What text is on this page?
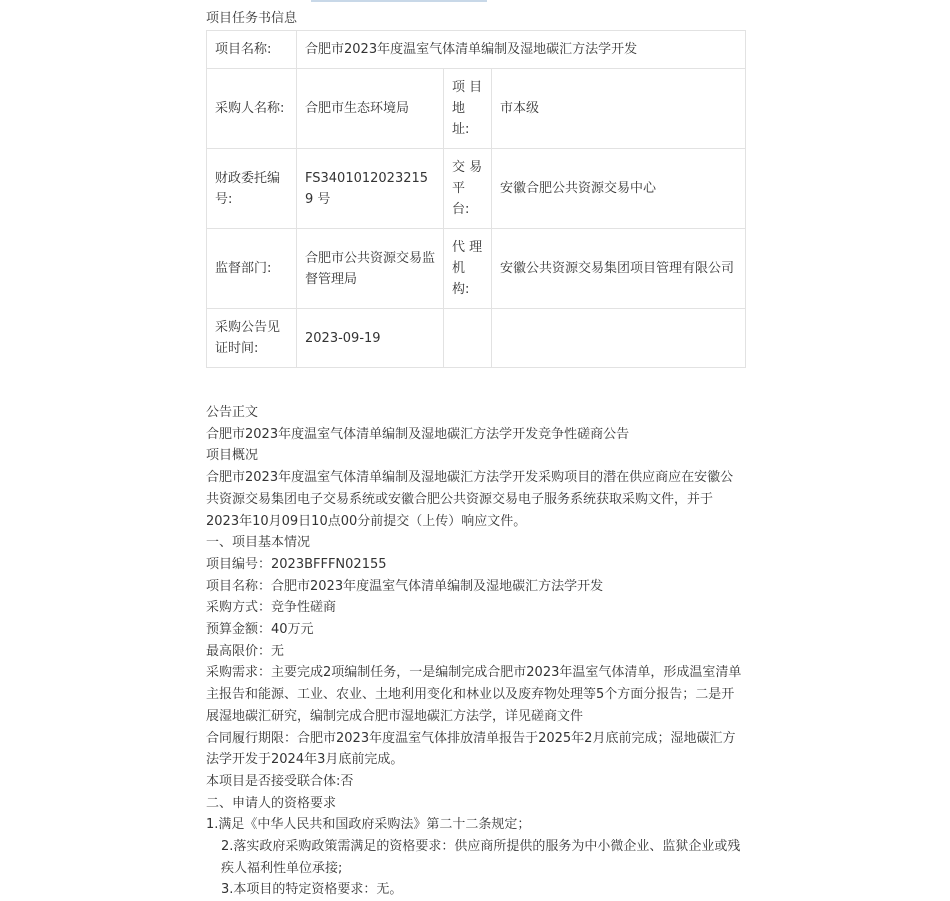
项目任务书信息
项目名称:	合肥市2023年度温室气体清单编制及湿地碳汇方法学开发		
采购人名称:	合肥市生态环境局	项 目 地 址:	市本级
财政委托编号:	FS34010120232159 号	交 易 平 台:	安徽合肥公共资源交易中心
监督部门:	合肥市公共资源交易监督管理局	代 理 机 构:	安徽公共资源交易集团项目管理有限公司
采购公告见证时间:	2023-09-19		

公告正文

合肥市2023年度温室气体清单编制及湿地碳汇方法学开发竞争性磋商公告

项目概况

合肥市2023年度温室气体清单编制及湿地碳汇方法学开发采购项目的潜在供应商应在安徽公共资源交易集团电子交易系统或安徽合肥公共资源交易电子服务系统获取采购文件，并于2023年10月09日10点00分前提交（上传）响应文件。

一、项目基本情况

项目编号：2023BFFFN02155

项目名称：合肥市2023年度温室气体清单编制及湿地碳汇方法学开发

采购方式：竞争性磋商

预算金额：40万元

最高限价：无

采购需求：主要完成2项编制任务，一是编制完成合肥市2023年温室气体清单，形成温室清单主报告和能源、工业、农业、土地利用变化和林业以及废弃物处理等5个方面分报告；二是开展湿地碳汇研究，编制完成合肥市湿地碳汇方法学，详见磋商文件

合同履行期限：合肥市2023年度温室气体排放清单报告于2025年2月底前完成；湿地碳汇方法学开发于2024年3月底前完成。

本项目是否接受联合体:否

二、申请人的资格要求

1.满足《中华人民共和国政府采购法》第二十二条规定；

2.落实政府采购政策需满足的资格要求：供应商所提供的服务为中小微企业、监狱企业或残疾人福利性单位承接;

3.本项目的特定资格要求：无。
